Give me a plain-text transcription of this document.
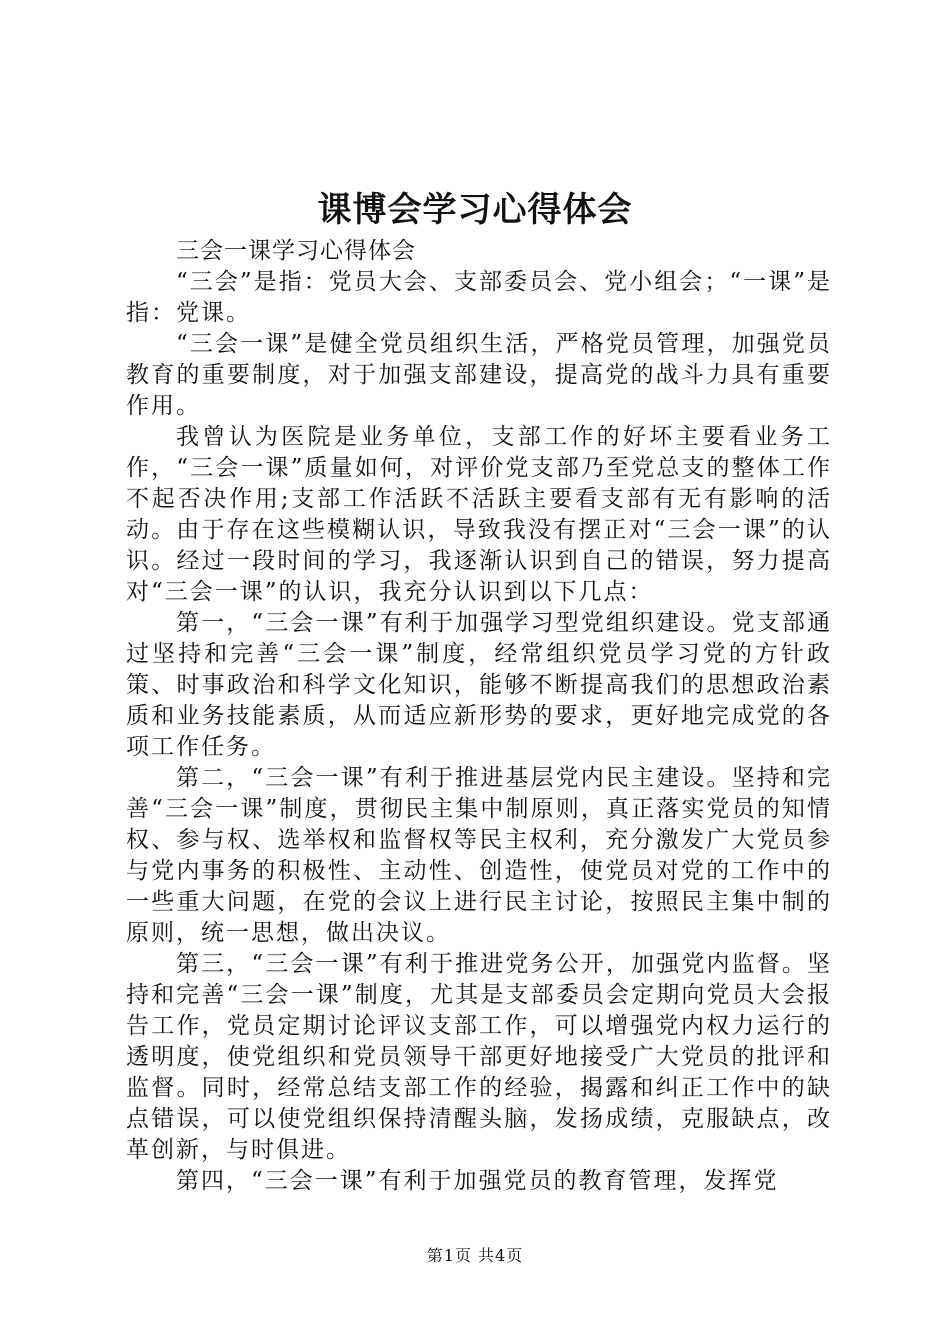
课博会学习心得体会

三会一课学习心得体会

“三会”是指：党员大会、支部委员会、党小组会；“一课”是指：党课。

“三会一课”是健全党员组织生活，严格党员管理，加强党员教育的重要制度，对于加强支部建设，提高党的战斗力具有重要作用。

我曾认为医院是业务单位，支部工作的好坏主要看业务工作，“三会一课”质量如何，对评价党支部乃至党总支的整体工作不起否决作用;支部工作活跃不活跃主要看支部有无有影响的活动。由于存在这些模糊认识，导致我没有摆正对“三会一课”的认识。经过一段时间的学习，我逐渐认识到自己的错误，努力提高对“三会一课”的认识，我充分认识到以下几点：

第一，“三会一课”有利于加强学习型党组织建设。党支部通过坚持和完善“三会一课”制度，经常组织党员学习党的方针政策、时事政治和科学文化知识，能够不断提高我们的思想政治素质和业务技能素质，从而适应新形势的要求，更好地完成党的各项工作任务。

第二，“三会一课”有利于推进基层党内民主建设。坚持和完善“三会一课”制度，贯彻民主集中制原则，真正落实党员的知情权、参与权、选举权和监督权等民主权利，充分激发广大党员参与党内事务的积极性、主动性、创造性，使党员对党的工作中的一些重大问题，在党的会议上进行民主讨论，按照民主集中制的原则，统一思想，做出决议。

第三，“三会一课”有利于推进党务公开，加强党内监督。坚持和完善“三会一课”制度，尤其是支部委员会定期向党员大会报告工作，党员定期讨论评议支部工作，可以增强党内权力运行的透明度，使党组织和党员领导干部更好地接受广大党员的批评和监督。同时，经常总结支部工作的经验，揭露和纠正工作中的缺点错误，可以使党组织保持清醒头脑，发扬成绩，克服缺点，改革创新，与时俱进。

第四，“三会一课”有利于加强党员的教育管理，发挥党

第1页 共4页
